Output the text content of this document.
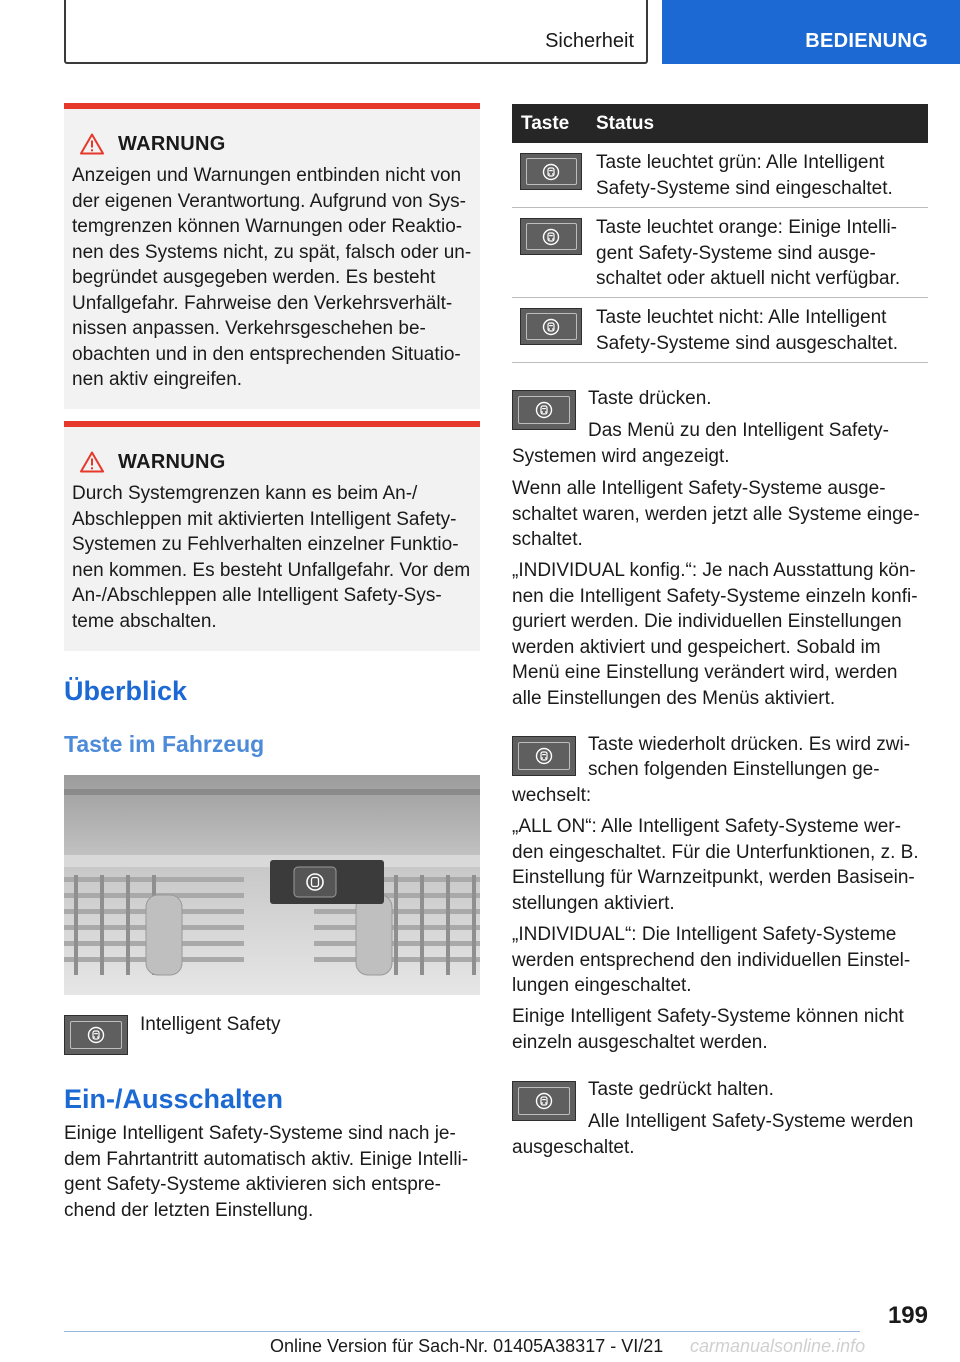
Sicherheit	BEDIENUNG
WARNUNG

Anzeigen und Warnungen entbinden nicht von
der eigenen Verantwortung. Aufgrund von Sys-
temgrenzen können Warnungen oder Reaktio-
nen des Systems nicht, zu spät, falsch oder un-
begründet ausgegeben werden. Es besteht
Unfallgefahr. Fahrweise den Verkehrsverhält-
nissen anpassen. Verkehrsgeschehen be-
obachten und in den entsprechenden Situatio-
nen aktiv eingreifen.

WARNUNG

Durch Systemgrenzen kann es beim An-/
Abschleppen mit aktivierten Intelligent Safety-
Systemen zu Fehlverhalten einzelner Funktio-
nen kommen. Es besteht Unfallgefahr. Vor dem
An-/Abschleppen alle Intelligent Safety-Sys-
teme abschalten.

Überblick
Taste im Fahrzeug
Intelligent Safety
Ein-/Ausschalten

Einige Intelligent Safety-Systeme sind nach je-
dem Fahrtantritt automatisch aktiv. Einige Intelli-
gent Safety-Systeme aktivieren sich entspre-
chend der letzten Einstellung.

Taste	Status
Taste leuchtet grün: Alle Intelligent
Safety-Systeme sind eingeschaltet.
Taste leuchtet orange: Einige Intelli-
gent Safety-Systeme sind ausge-
schaltet oder aktuell nicht verfügbar.
Taste leuchtet nicht: Alle Intelligent
Safety-Systeme sind ausgeschaltet.
Taste drücken.
Das Menü zu den Intelligent Safety-
Systemen wird angezeigt.

Wenn alle Intelligent Safety-Systeme ausge-
schaltet waren, werden jetzt alle Systeme einge-
schaltet.

„INDIVIDUAL konfig.“: Je nach Ausstattung kön-
nen die Intelligent Safety-Systeme einzeln konfi-
guriert werden. Die individuellen Einstellungen
werden aktiviert und gespeichert. Sobald im
Menü eine Einstellung verändert wird, werden
alle Einstellungen des Menüs aktiviert.

Taste wiederholt drücken. Es wird zwi-
schen folgenden Einstellungen ge-
wechselt:

„ALL ON“: Alle Intelligent Safety-Systeme wer-
den eingeschaltet. Für die Unterfunktionen, z. B.
Einstellung für Warnzeitpunkt, werden Basisein-
stellungen aktiviert.

„INDIVIDUAL“: Die Intelligent Safety-Systeme
werden entsprechend den individuellen Einstel-
lungen eingeschaltet.

Einige Intelligent Safety-Systeme können nicht
einzeln ausgeschaltet werden.

Taste gedrückt halten.
Alle Intelligent Safety-Systeme werden
ausgeschaltet.
199
Online Version für Sach-Nr. 01405A38317 - VI/21 carmanualsonline.info
